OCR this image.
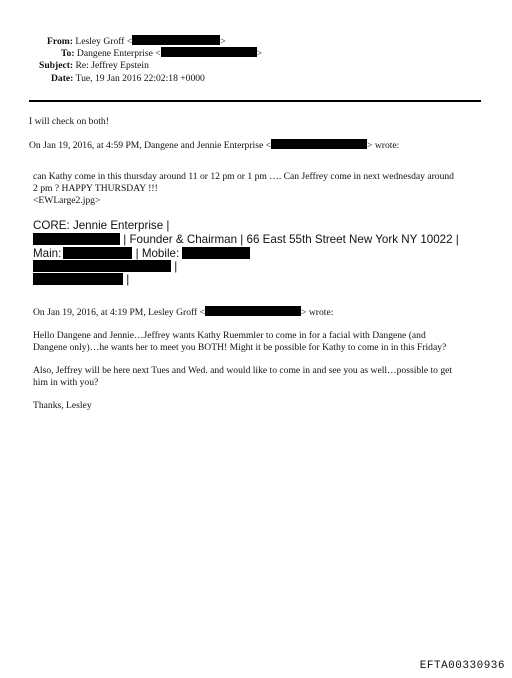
From: Lesley Groff <	>
To: Dangene Enterprise <	>
Subject: Re: Jeffrey Epstein
Date: Tue, 19 Jan 2016 22:02:18 +0000
I will check on both!
On Jan 19, 2016, at 4:59 PM, Dangene and Jennie Enterprise <	> wrote:
can Kathy come in this thursday around 11 or 12 pm or 1 pm …. Can Jeffrey come in next wednesday around
2 pm ? HAPPY THURSDAY !!!
<EWLarge2.jpg>
CORE: Jennie Enterprise |
| Founder & Chairman | 66 East 55th Street New York NY 10022 |
Main:	| Mobile:
|
|
On Jan 19, 2016, at 4:19 PM, Lesley Groff <	> wrote:
Hello Dangene and Jennie…Jeffrey wants Kathy Ruemmler to come in for a facial with Dangene (and
Dangene only)…he wants her to meet you BOTH! Might it be possible for Kathy to come in in this Friday?
Also, Jeffrey will be here next Tues and Wed. and would like to come in and see you as well…possible to get
him in with you?
Thanks, Lesley
EFTA00330936
